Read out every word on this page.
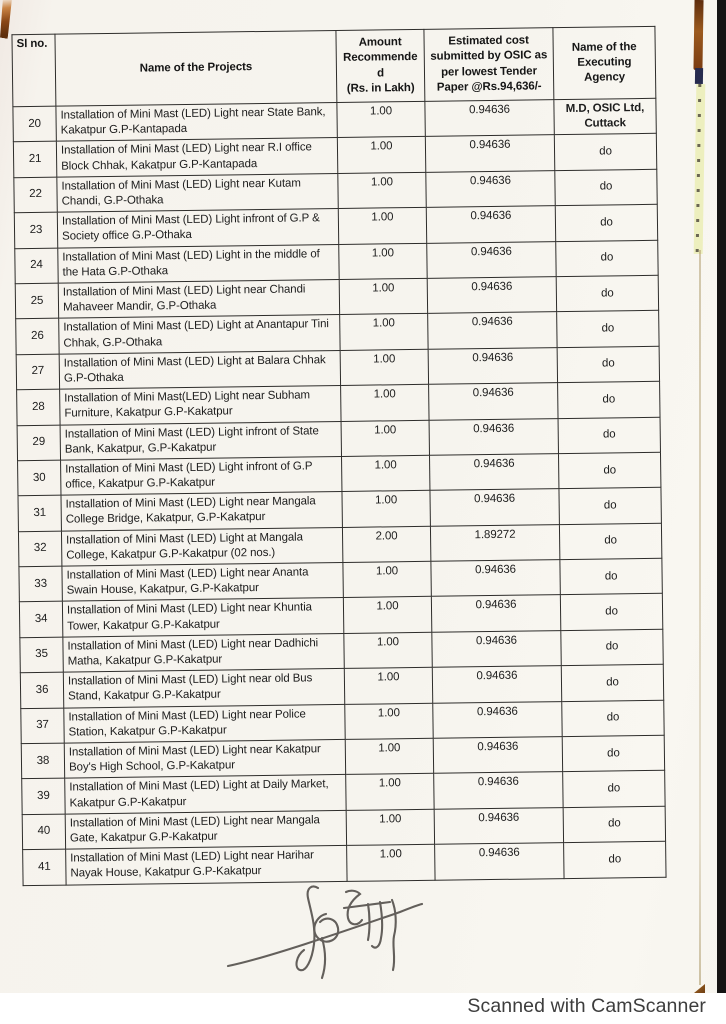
Sl no.	Name of the Projects	Amount
Recommende
d
(Rs. in Lakh)	Estimated cost
submitted by OSIC as
per lowest Tender
Paper @Rs.94,636/-	Name of the
Executing Agency
20	Installation of Mini Mast (LED) Light near State Bank, Kakatpur G.P-Kantapada	1.00	0.94636	M.D, OSIC Ltd,
Cuttack
21	Installation of Mini Mast (LED) Light near R.I office Block Chhak, Kakatpur G.P-Kantapada	1.00	0.94636	do
22	Installation of Mini Mast (LED) Light near Kutam Chandi, G.P-Othaka	1.00	0.94636	do
23	Installation of Mini Mast (LED) Light infront of G.P & Society office G.P-Othaka	1.00	0.94636	do
24	Installation of Mini Mast (LED) Light in the middle of the Hata G.P-Othaka	1.00	0.94636	do
25	Installation of Mini Mast (LED) Light near Chandi Mahaveer Mandir, G.P-Othaka	1.00	0.94636	do
26	Installation of Mini Mast (LED) Light at Anantapur Tini Chhak, G.P-Othaka	1.00	0.94636	do
27	Installation of Mini Mast (LED) Light at Balara Chhak G.P-Othaka	1.00	0.94636	do
28	Installation of Mini Mast(LED) Light near Subham Furniture, Kakatpur G.P-Kakatpur	1.00	0.94636	do
29	Installation of Mini Mast (LED) Light infront of State Bank, Kakatpur, G.P-Kakatpur	1.00	0.94636	do
30	Installation of Mini Mast (LED) Light infront of G.P office, Kakatpur G.P-Kakatpur	1.00	0.94636	do
31	Installation of Mini Mast (LED) Light near Mangala College Bridge, Kakatpur, G.P-Kakatpur	1.00	0.94636	do
32	Installation of Mini Mast (LED) Light at Mangala College, Kakatpur G.P-Kakatpur (02 nos.)	2.00	1.89272	do
33	Installation of Mini Mast (LED) Light near Ananta Swain House, Kakatpur, G.P-Kakatpur	1.00	0.94636	do
34	Installation of Mini Mast (LED) Light near Khuntia Tower, Kakatpur G.P-Kakatpur	1.00	0.94636	do
35	Installation of Mini Mast (LED) Light near Dadhichi Matha, Kakatpur G.P-Kakatpur	1.00	0.94636	do
36	Installation of Mini Mast (LED) Light near old Bus Stand, Kakatpur G.P-Kakatpur	1.00	0.94636	do
37	Installation of Mini Mast (LED) Light near Police Station, Kakatpur G.P-Kakatpur	1.00	0.94636	do
38	Installation of Mini Mast (LED) Light near Kakatpur Boy's High School, G.P-Kakatpur	1.00	0.94636	do
39	Installation of Mini Mast (LED) Light at Daily Market, Kakatpur G.P-Kakatpur	1.00	0.94636	do
40	Installation of Mini Mast (LED) Light near Mangala Gate, Kakatpur G.P-Kakatpur	1.00	0.94636	do
41	Installation of Mini Mast (LED) Light near Harihar Nayak House, Kakatpur G.P-Kakatpur	1.00	0.94636	do
Scanned with CamScanner
